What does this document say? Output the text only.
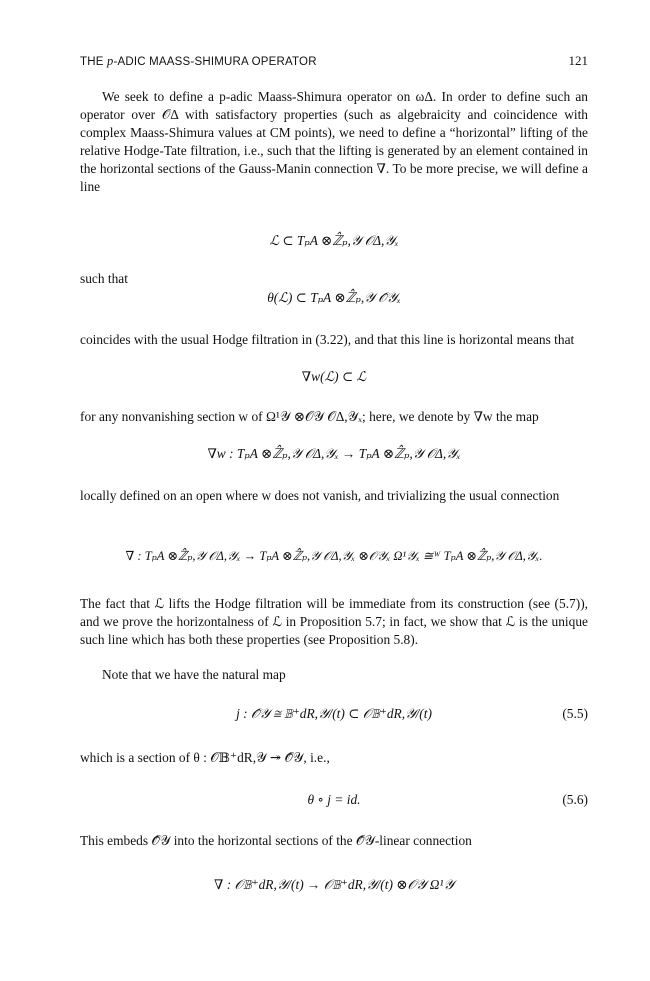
THE p-ADIC MAASS-SHIMURA OPERATOR	121

We seek to define a p-adic Maass-Shimura operator on ωΔ. In order to define such an operator over 𝒪Δ with satisfactory properties (such as algebraicity and coincidence with complex Maass-Shimura values at CM points), we need to define a “horizontal” lifting of the relative Hodge-Tate filtration, i.e., such that the lifting is generated by an element contained in the horizontal sections of the Gauss-Manin connection ∇. To be more precise, we will define a line

ℒ ⊂ TₚA ⊗ℤ̂ₚ,𝒴 𝒪Δ,𝒴ₓ

such that

θ(ℒ) ⊂ TₚA ⊗ℤ̂ₚ,𝒴 𝒪̂𝒴ₓ

coincides with the usual Hodge filtration in (3.22), and that this line is horizontal means that

∇w(ℒ) ⊂ ℒ

for any nonvanishing section w of Ω¹𝒴 ⊗𝒪𝒴 𝒪Δ,𝒴ₓ; here, we denote by ∇w the map

∇w : TₚA ⊗ℤ̂ₚ,𝒴 𝒪Δ,𝒴ₓ → TₚA ⊗ℤ̂ₚ,𝒴 𝒪Δ,𝒴ₓ

locally defined on an open where w does not vanish, and trivializing the usual connection

∇ : TₚA ⊗ℤ̂ₚ,𝒴 𝒪Δ,𝒴ₓ → TₚA ⊗ℤ̂ₚ,𝒴 𝒪Δ,𝒴ₓ ⊗𝒪𝒴ₓ Ω¹𝒴ₓ ≅ᵂ TₚA ⊗ℤ̂ₚ,𝒴 𝒪Δ,𝒴ₓ.

The fact that ℒ lifts the Hodge filtration will be immediate from its construction (see (5.7)), and we prove the horizontalness of ℒ in Proposition 5.7; in fact, we show that ℒ is the unique such line which has both these properties (see Proposition 5.8).

Note that we have the natural map

j : 𝒪̂𝒴 ≅ 𝔹⁺dR,𝒴/(t) ⊂ 𝒪𝔹⁺dR,𝒴/(t)	(5.5)

which is a section of θ : 𝒪𝔹⁺dR,𝒴 ↠ 𝒪̂𝒴, i.e.,

θ ∘ j = id.	(5.6)

This embeds 𝒪̂𝒴 into the horizontal sections of the 𝒪̂𝒴-linear connection

∇ : 𝒪𝔹⁺dR,𝒴/(t) → 𝒪𝔹⁺dR,𝒴/(t) ⊗𝒪𝒴 Ω¹𝒴
